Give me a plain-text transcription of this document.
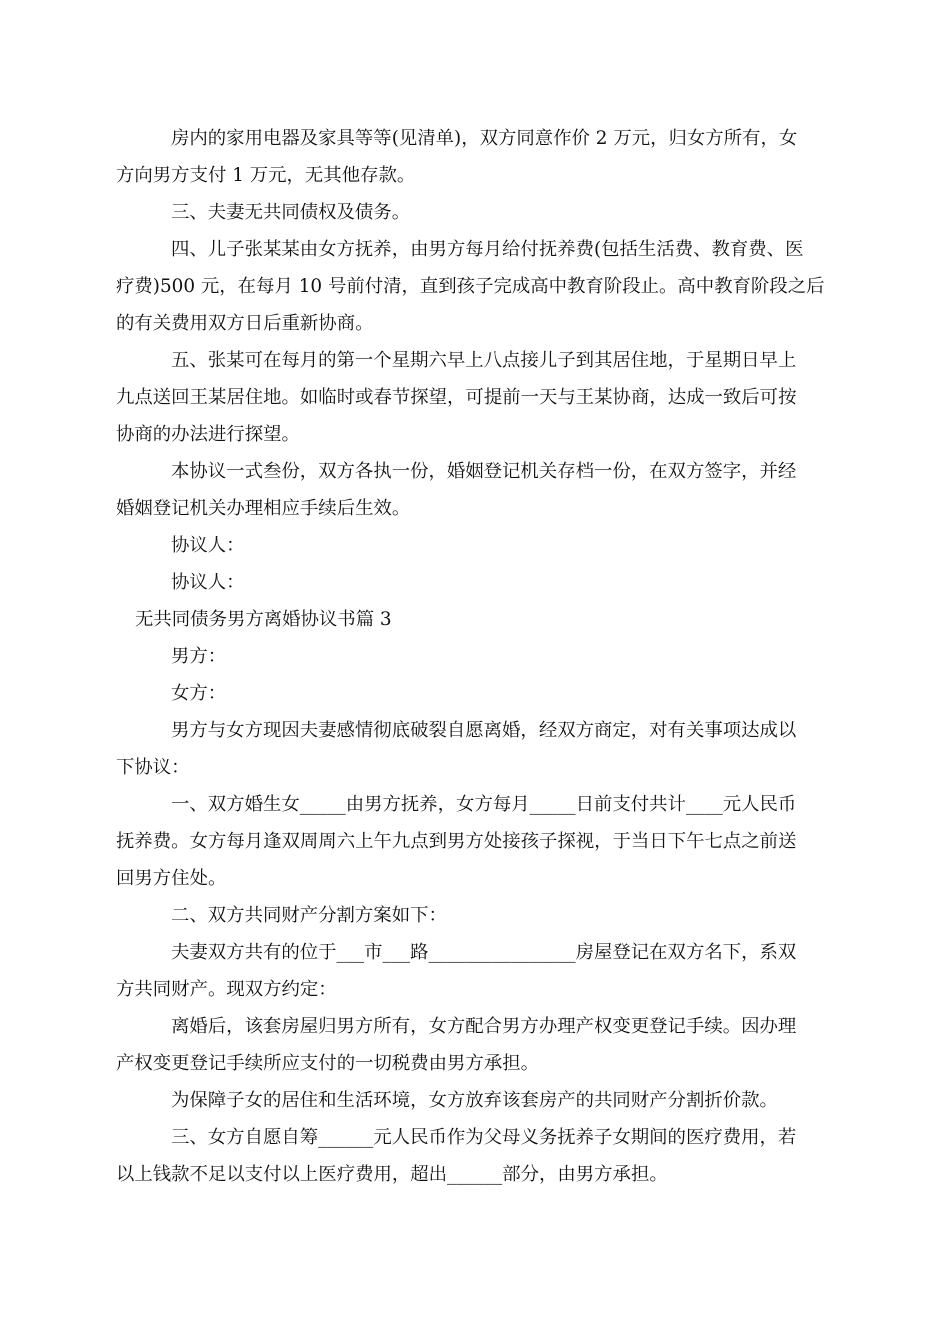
房内的家用电器及家具等等(见清单)，双方同意作价 2 万元，归女方所有，女
方向男方支付 1 万元，无其他存款。
三、夫妻无共同债权及债务。
四、儿子张某某由女方抚养，由男方每月给付抚养费(包括生活费、教育费、医
疗费)500 元，在每月 10 号前付清，直到孩子完成高中教育阶段止。高中教育阶段之后
的有关费用双方日后重新协商。
五、张某可在每月的第一个星期六早上八点接儿子到其居住地，于星期日早上
九点送回王某居住地。如临时或春节探望，可提前一天与王某协商，达成一致后可按
协商的办法进行探望。
本协议一式叁份，双方各执一份，婚姻登记机关存档一份，在双方签字，并经
婚姻登记机关办理相应手续后生效。
协议人：
协议人：
无共同债务男方离婚协议书篇 3
男方：
女方：
男方与女方现因夫妻感情彻底破裂自愿离婚，经双方商定，对有关事项达成以
下协议：
一、双方婚生女_____由男方抚养，女方每月_____日前支付共计____元人民币
抚养费。女方每月逢双周周六上午九点到男方处接孩子探视，于当日下午七点之前送
回男方住处。
二、双方共同财产分割方案如下：
夫妻双方共有的位于___市___路________________房屋登记在双方名下，系双
方共同财产。现双方约定：
离婚后，该套房屋归男方所有，女方配合男方办理产权变更登记手续。因办理
产权变更登记手续所应支付的一切税费由男方承担。
为保障子女的居住和生活环境，女方放弃该套房产的共同财产分割折价款。
三、女方自愿自筹______元人民币作为父母义务抚养子女期间的医疗费用，若
以上钱款不足以支付以上医疗费用，超出______部分，由男方承担。
